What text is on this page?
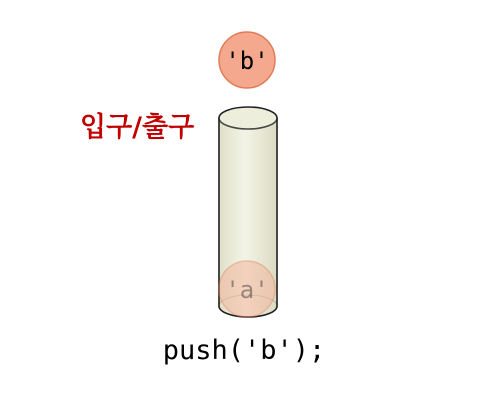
'b'
입구/출구
'a'
push('b');
